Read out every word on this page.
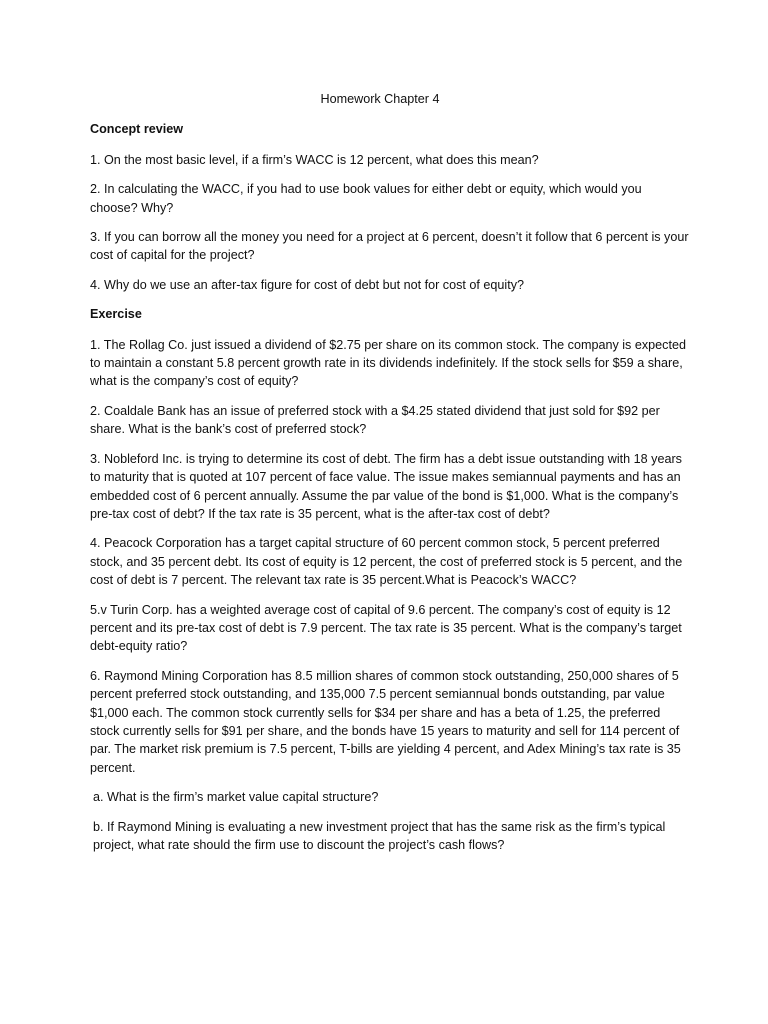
Homework Chapter 4
Concept review

1. On the most basic level, if a firm’s WACC is 12 percent, what does this mean?

2. In calculating the WACC, if you had to use book values for either debt or equity, which would you choose? Why?

3. If you can borrow all the money you need for a project at 6 percent, doesn’t it follow that 6 percent is your cost of capital for the project?

4. Why do we use an after-tax figure for cost of debt but not for cost of equity?

Exercise

1. The Rollag Co. just issued a dividend of $2.75 per share on its common stock. The company is expected to maintain a constant 5.8 percent growth rate in its dividends indefinitely. If the stock sells for $59 a share, what is the company’s cost of equity?

2. Coaldale Bank has an issue of preferred stock with a $4.25 stated dividend that just sold for $92 per share. What is the bank’s cost of preferred stock?

3. Nobleford Inc. is trying to determine its cost of debt. The firm has a debt issue outstanding with 18 years to maturity that is quoted at 107 percent of face value. The issue makes semiannual payments and has an embedded cost of 6 percent annually. Assume the par value of the bond is $1,000. What is the company’s pre-tax cost of debt? If the tax rate is 35 percent, what is the after-tax cost of debt?

4. Peacock Corporation has a target capital structure of 60 percent common stock, 5 percent preferred stock, and 35 percent debt. Its cost of equity is 12 percent, the cost of preferred stock is 5 percent, and the cost of debt is 7 percent. The relevant tax rate is 35 percent.What is Peacock’s WACC?

5.v Turin Corp. has a weighted average cost of capital of 9.6 percent. The company’s cost of equity is 12 percent and its pre-tax cost of debt is 7.9 percent. The tax rate is 35 percent. What is the company’s target debt-equity ratio?

6. Raymond Mining Corporation has 8.5 million shares of common stock outstanding, 250,000 shares of 5 percent preferred stock outstanding, and 135,000 7.5 percent semiannual bonds outstanding, par value $1,000 each. The common stock currently sells for $34 per share and has a beta of 1.25, the preferred stock currently sells for $91 per share, and the bonds have 15 years to maturity and sell for 114 percent of par. The market risk premium is 7.5 percent, T-bills are yielding 4 percent, and Adex Mining’s tax rate is 35 percent.

a. What is the firm’s market value capital structure?

b. If Raymond Mining is evaluating a new investment project that has the same risk as the firm’s typical project, what rate should the firm use to discount the project’s cash flows?
